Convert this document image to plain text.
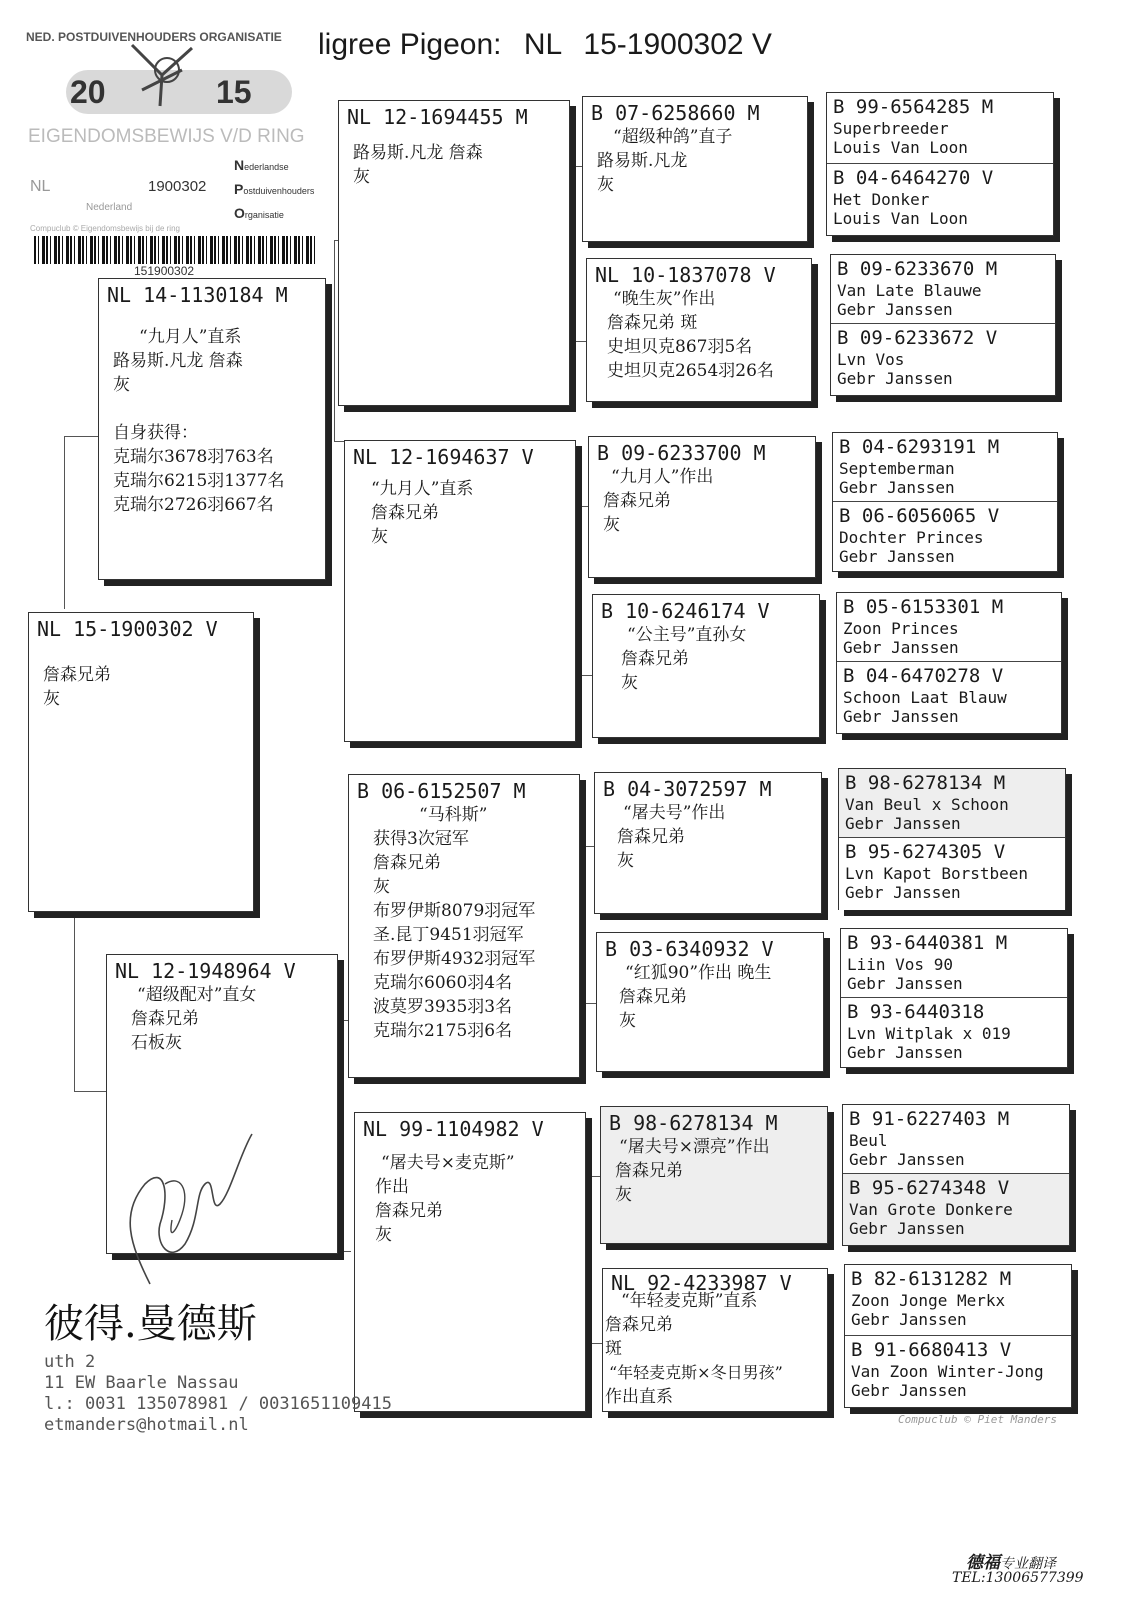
ligree Pigeon: NL 15-1900302 V
NED. POSTDUIVENHOUDERS ORGANISATIE
20	15
EIGENDOMSBEWIJS V/D RING
NL	1900302
Nederland
Nederlandse
Postduivenhouders
Organisatie
Compuclub © Eigendomsbewijs bij de ring
151900302
NL 15-1900302 V
詹森兄弟
灰
NL 14-1130184 M
“九月人”直系
路易斯.凡龙 詹森
灰
自身获得：
克瑞尔3678羽763名
克瑞尔6215羽1377名
克瑞尔2726羽667名
NL 12-1948964 V
“超级配对”直女
詹森兄弟
石板灰
NL 12-1694455 M
路易斯.凡龙 詹森
灰
NL 12-1694637 V
“九月人”直系
詹森兄弟
灰
B 06-6152507 M
“马科斯”
获得3次冠军
詹森兄弟
灰
布罗伊斯8079羽冠军
圣.昆丁9451羽冠军
布罗伊斯4932羽冠军
克瑞尔6060羽4名
波莫罗3935羽3名
克瑞尔2175羽6名
NL 99-1104982 V
“屠夫号×麦克斯”
作出
詹森兄弟
灰
B 07-6258660 M
“超级种鸽”直子
路易斯.凡龙
灰
NL 10-1837078 V
“晚生灰”作出
詹森兄弟 斑
史坦贝克867羽5名
史坦贝克2654羽26名
B 09-6233700 M
“九月人”作出
詹森兄弟
灰
B 10-6246174 V
“公主号”直孙女
詹森兄弟
灰
B 04-3072597 M
“屠夫号”作出
詹森兄弟
灰
B 03-6340932 V
“红狐90”作出 晚生
詹森兄弟
灰
B 98-6278134 M
“屠夫号×漂亮”作出
詹森兄弟
灰
NL 92-4233987 V
“年轻麦克斯”直系
詹森兄弟
斑
“年轻麦克斯×冬日男孩”
作出直系
B 99-6564285 M
Superbreeder
Louis Van Loon
B 04-6464270 V
Het Donker
Louis Van Loon
B 09-6233670 M
Van Late Blauwe
Gebr Janssen
B 09-6233672 V
Lvn Vos
Gebr Janssen
B 04-6293191 M
Septemberman
Gebr Janssen
B 06-6056065 V
Dochter Princes
Gebr Janssen
B 05-6153301 M
Zoon Princes
Gebr Janssen
B 04-6470278 V
Schoon Laat Blauw
Gebr Janssen
B 98-6278134 M
Van Beul x Schoon
Gebr Janssen
B 95-6274305 V
Lvn Kapot Borstbeen
Gebr Janssen
B 93-6440381 M
Liin Vos 90
Gebr Janssen
B 93-6440318
Lvn Witplak x 019
Gebr Janssen
B 91-6227403 M
Beul
Gebr Janssen
B 95-6274348 V
Van Grote Donkere
Gebr Janssen
B 82-6131282 M
Zoon Jonge Merkx
Gebr Janssen
B 91-6680413 V
Van Zoon Winter-Jong
Gebr Janssen
彼得.曼德斯
uth 2
11 EW Baarle Nassau
l.: 0031 135078981 / 0031651109415
etmanders@hotmail.nl	Compuclub © Piet Manders
德福专业翻译
TEL:13006577399
